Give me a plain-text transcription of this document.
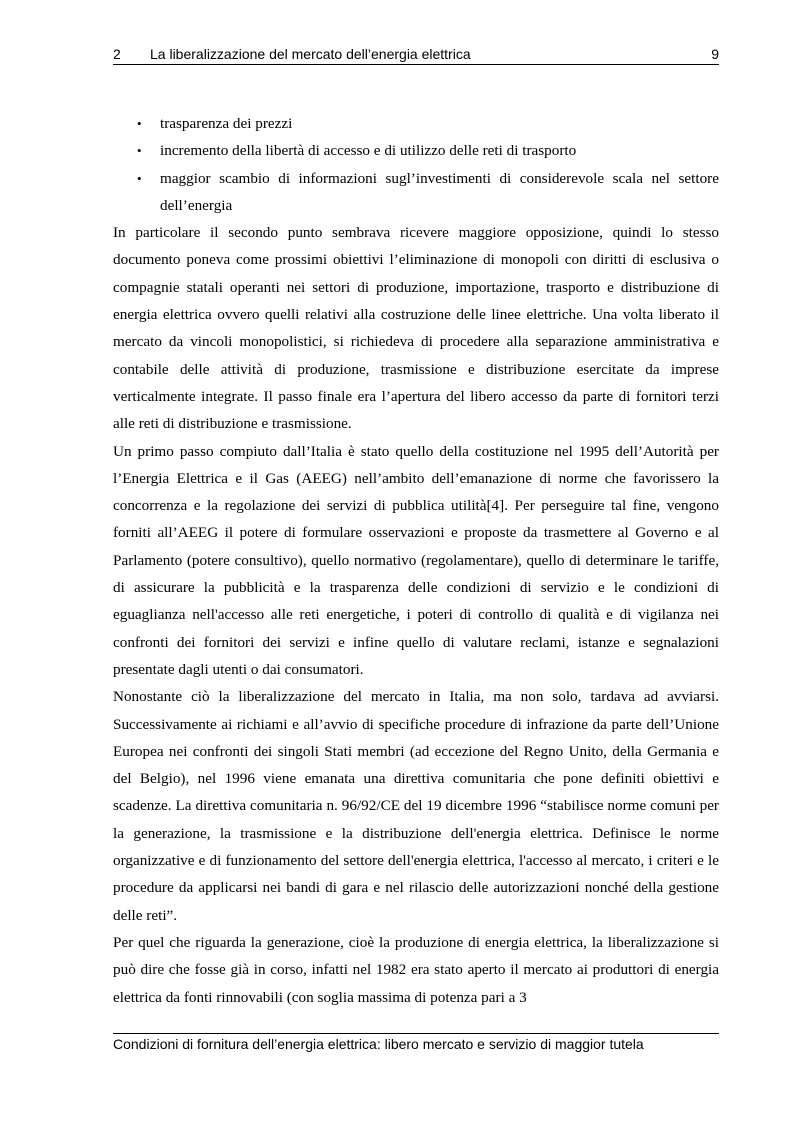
2 La liberalizzazione del mercato dell’energia elettrica	9
• trasparenza dei prezzi
• incremento della libertà di accesso e di utilizzo delle reti di trasporto
• maggior scambio di informazioni sugl’investimenti di considerevole scala nel settore dell’energia

In particolare il secondo punto sembrava ricevere maggiore opposizione, quindi lo stesso documento poneva come prossimi obiettivi l’eliminazione di monopoli con diritti di esclusiva o compagnie statali operanti nei settori di produzione, importazione, trasporto e distribuzione di energia elettrica ovvero quelli relativi alla costruzione delle linee elettriche. Una volta liberato il mercato da vincoli monopolistici, si richiedeva di procedere alla separazione amministrativa e contabile delle attività di produzione, trasmissione e distribuzione esercitate da imprese verticalmente integrate. Il passo finale era l’apertura del libero accesso da parte di fornitori terzi alle reti di distribuzione e trasmissione.

Un primo passo compiuto dall’Italia è stato quello della costituzione nel 1995 dell’Autorità per l’Energia Elettrica e il Gas (AEEG) nell’ambito dell’emanazione di norme che favorissero la concorrenza e la regolazione dei servizi di pubblica utilità[4]. Per perseguire tal fine, vengono forniti all’AEEG il potere di formulare osservazioni e proposte da trasmettere al Governo e al Parlamento (potere consultivo), quello normativo (regolamentare), quello di determinare le tariffe, di assicurare la pubblicità e la trasparenza delle condizioni di servizio e le condizioni di eguaglianza nell'accesso alle reti energetiche, i poteri di controllo di qualità e di vigilanza nei confronti dei fornitori dei servizi e infine quello di valutare reclami, istanze e segnalazioni presentate dagli utenti o dai consumatori.

Nonostante ciò la liberalizzazione del mercato in Italia, ma non solo, tardava ad avviarsi. Successivamente ai richiami e all’avvio di specifiche procedure di infrazione da parte dell’Unione Europea nei confronti dei singoli Stati membri (ad eccezione del Regno Unito, della Germania e del Belgio), nel 1996 viene emanata una direttiva comunitaria che pone definiti obiettivi e scadenze. La direttiva comunitaria n. 96/92/CE del 19 dicembre 1996 “stabilisce norme comuni per la generazione, la trasmissione e la distribuzione dell'energia elettrica. Definisce le norme organizzative e di funzionamento del settore dell'energia elettrica, l'accesso al mercato, i criteri e le procedure da applicarsi nei bandi di gara e nel rilascio delle autorizzazioni nonché della gestione delle reti”.

Per quel che riguarda la generazione, cioè la produzione di energia elettrica, la liberalizzazione si può dire che fosse già in corso, infatti nel 1982 era stato aperto il mercato ai produttori di energia elettrica da fonti rinnovabili (con soglia massima di potenza pari a 3

Condizioni di fornitura dell’energia elettrica: libero mercato e servizio di maggior tutela
